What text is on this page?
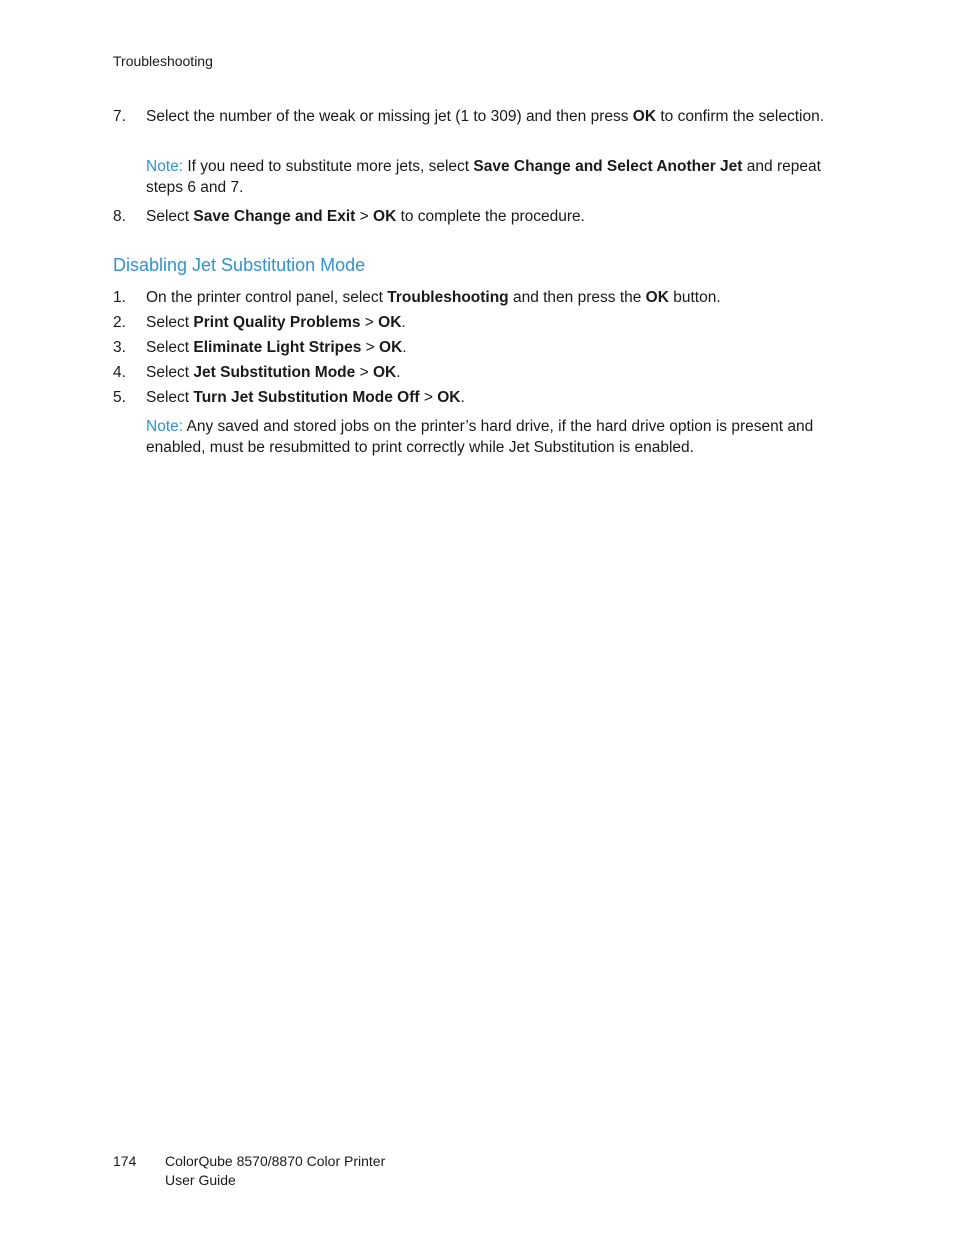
Troubleshooting
7. Select the number of the weak or missing jet (1 to 309) and then press OK to confirm the selection.
Note: If you need to substitute more jets, select Save Change and Select Another Jet and repeat steps 6 and 7.
8. Select Save Change and Exit > OK to complete the procedure.
Disabling Jet Substitution Mode
1. On the printer control panel, select Troubleshooting and then press the OK button.
2. Select Print Quality Problems > OK.
3. Select Eliminate Light Stripes > OK.
4. Select Jet Substitution Mode > OK.
5. Select Turn Jet Substitution Mode Off > OK.
Note: Any saved and stored jobs on the printer’s hard drive, if the hard drive option is present and enabled, must be resubmitted to print correctly while Jet Substitution is enabled.
174 ColorQube 8570/8870 Color Printer
User Guide
